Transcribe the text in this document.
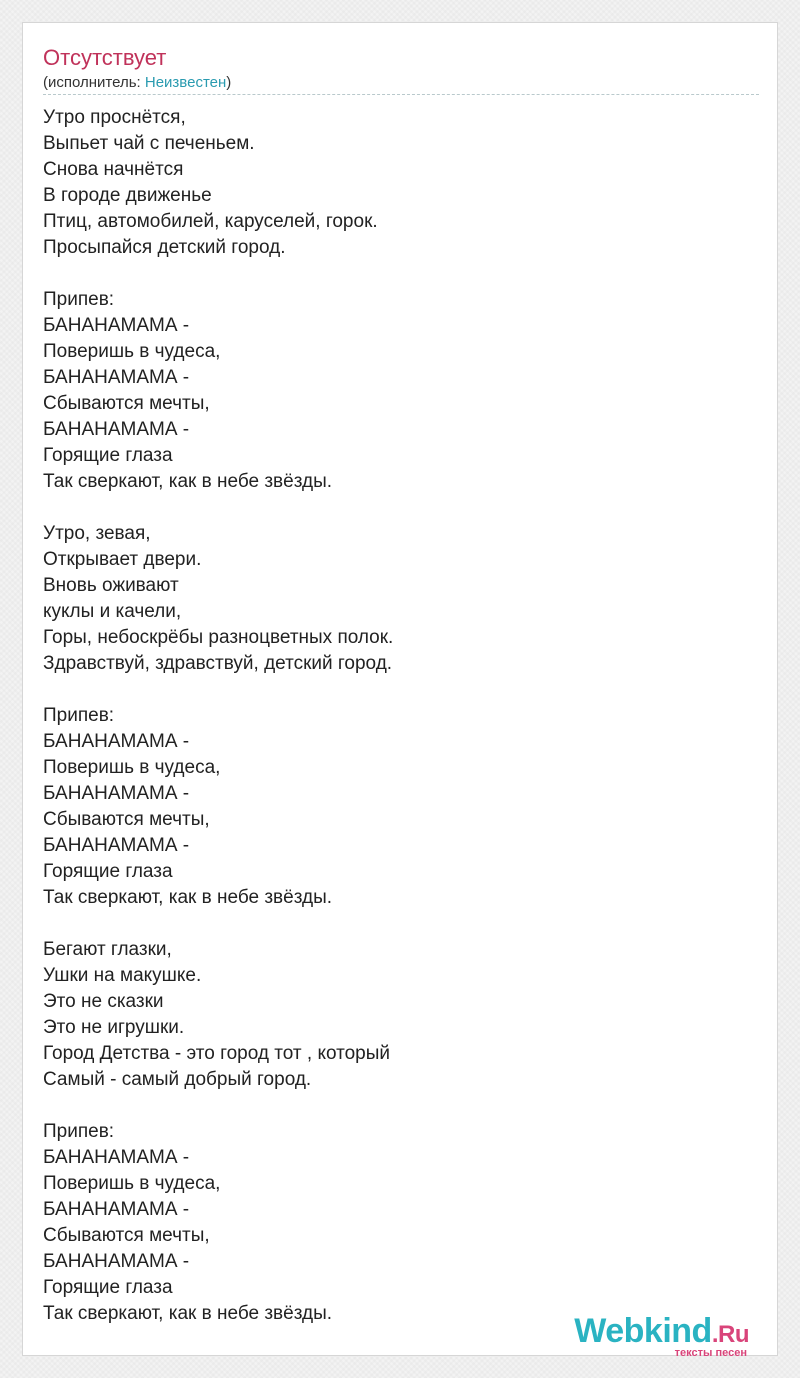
Отсутствует
(исполнитель: Неизвестен)
Утро проснётся,
Выпьет чай с печеньем.
Снова начнётся
В городе движенье
Птиц, автомобилей, каруселей, горок.
Просыпайся детский город.
Припев:
БАНАНАМАМА -
Поверишь в чудеса,
БАНАНАМАМА -
Сбываются мечты,
БАНАНАМАМА -
Горящие глаза
Так сверкают, как в небе звёзды.
Утро, зевая,
Открывает двери.
Вновь оживают
куклы и качели,
Горы, небоскрёбы разноцветных полок.
Здравствуй, здравствуй, детский город.
Припев:
БАНАНАМАМА -
Поверишь в чудеса,
БАНАНАМАМА -
Сбываются мечты,
БАНАНАМАМА -
Горящие глаза
Так сверкают, как в небе звёзды.
Бегают глазки,
Ушки на макушке.
Это не сказки
Это не игрушки.
Город Детства - это город тот , который
Самый - самый добрый город.
Припев:
БАНАНАМАМА -
Поверишь в чудеса,
БАНАНАМАМА -
Сбываются мечты,
БАНАНАМАМА -
Горящие глаза
Так сверкают, как в небе звёзды.	Webkind.Ru
тексты песен
